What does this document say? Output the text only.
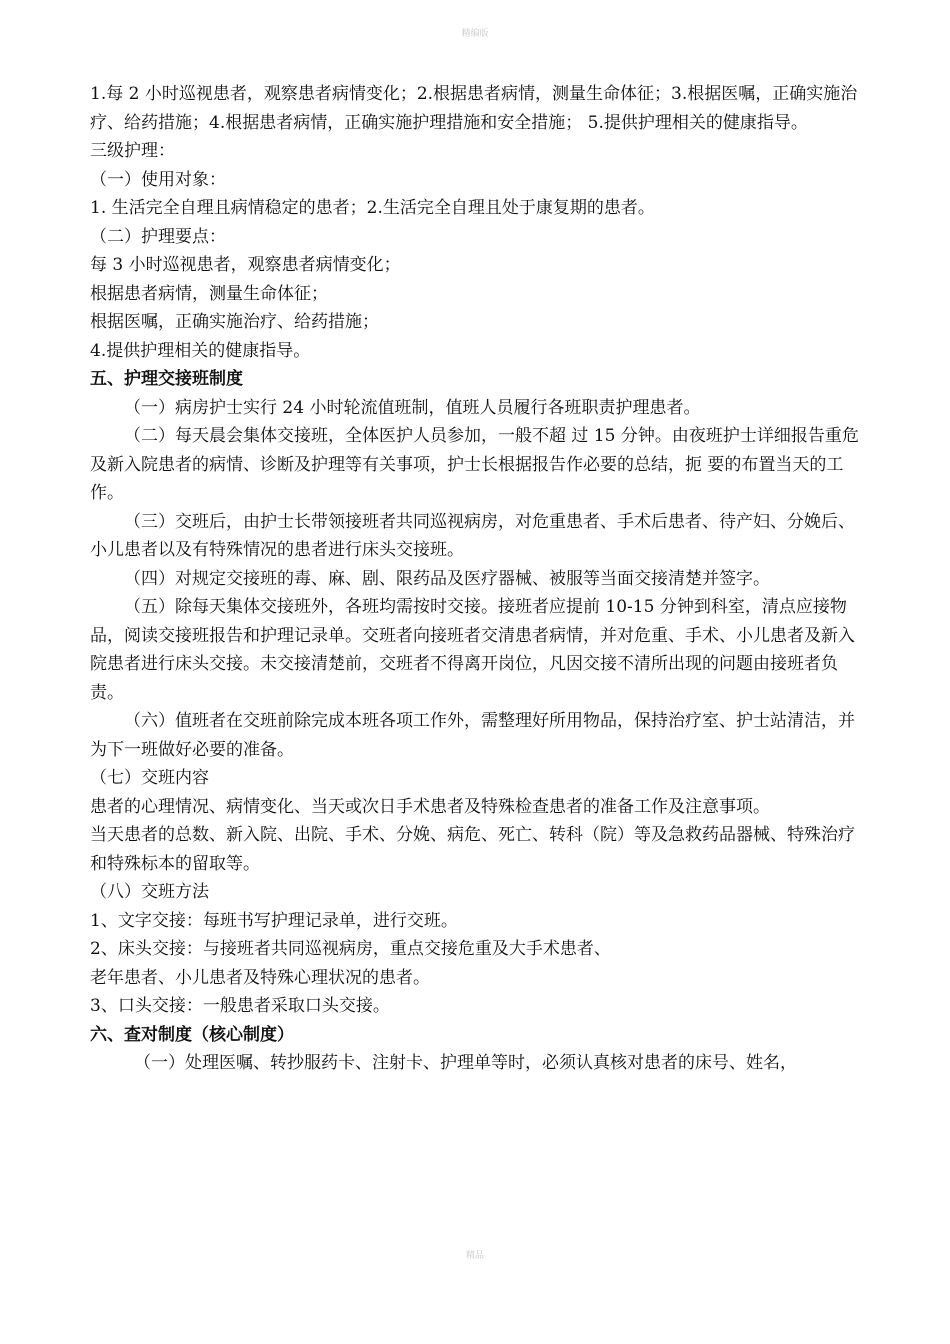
精编版

1.每 2 小时巡视患者，观察患者病情变化；2.根据患者病情，测量生命体征；3.根据医嘱，正确实施治疗、给药措施；4.根据患者病情，正确实施护理措施和安全措施； 5.提供护理相关的健康指导。

三级护理：

（一）使用对象：

1. 生活完全自理且病情稳定的患者；2.生活完全自理且处于康复期的患者。

（二）护理要点：

每 3 小时巡视患者，观察患者病情变化；

根据患者病情，测量生命体征；

根据医嘱，正确实施治疗、给药措施；

4.提供护理相关的健康指导。

五、护理交接班制度

（一）病房护士实行 24 小时轮流值班制，值班人员履行各班职责护理患者。

（二）每天晨会集体交接班，全体医护人员参加，一般不超 过 15 分钟。由夜班护士详细报告重危及新入院患者的病情、诊断及护理等有关事项，护士长根据报告作必要的总结，扼 要的布置当天的工作。

（三）交班后，由护士长带领接班者共同巡视病房，对危重患者、手术后患者、待产妇、分娩后、小儿患者以及有特殊情况的患者进行床头交接班。

（四）对规定交接班的毒、麻、剧、限药品及医疗器械、被服等当面交接清楚并签字。

（五）除每天集体交接班外，各班均需按时交接。接班者应提前 10-15 分钟到科室，清点应接物品，阅读交接班报告和护理记录单。交班者向接班者交清患者病情，并对危重、手术、小儿患者及新入院患者进行床头交接。未交接清楚前，交班者不得离开岗位，凡因交接不清所出现的问题由接班者负责。

（六）值班者在交班前除完成本班各项工作外，需整理好所用物品，保持治疗室、护士站清洁，并为下一班做好必要的准备。

（七）交班内容

患者的心理情况、病情变化、当天或次日手术患者及特殊检查患者的准备工作及注意事项。

当天患者的总数、新入院、出院、手术、分娩、病危、死亡、转科（院）等及急救药品器械、特殊治疗和特殊标本的留取等。

（八）交班方法

1、文字交接：每班书写护理记录单，进行交班。

2、床头交接：与接班者共同巡视病房，重点交接危重及大手术患者、

老年患者、小儿患者及特殊心理状况的患者。

3、口头交接：一般患者采取口头交接。

六、查对制度（核心制度）

（一）处理医嘱、转抄服药卡、注射卡、护理单等时，必须认真核对患者的床号、姓名，

精品
